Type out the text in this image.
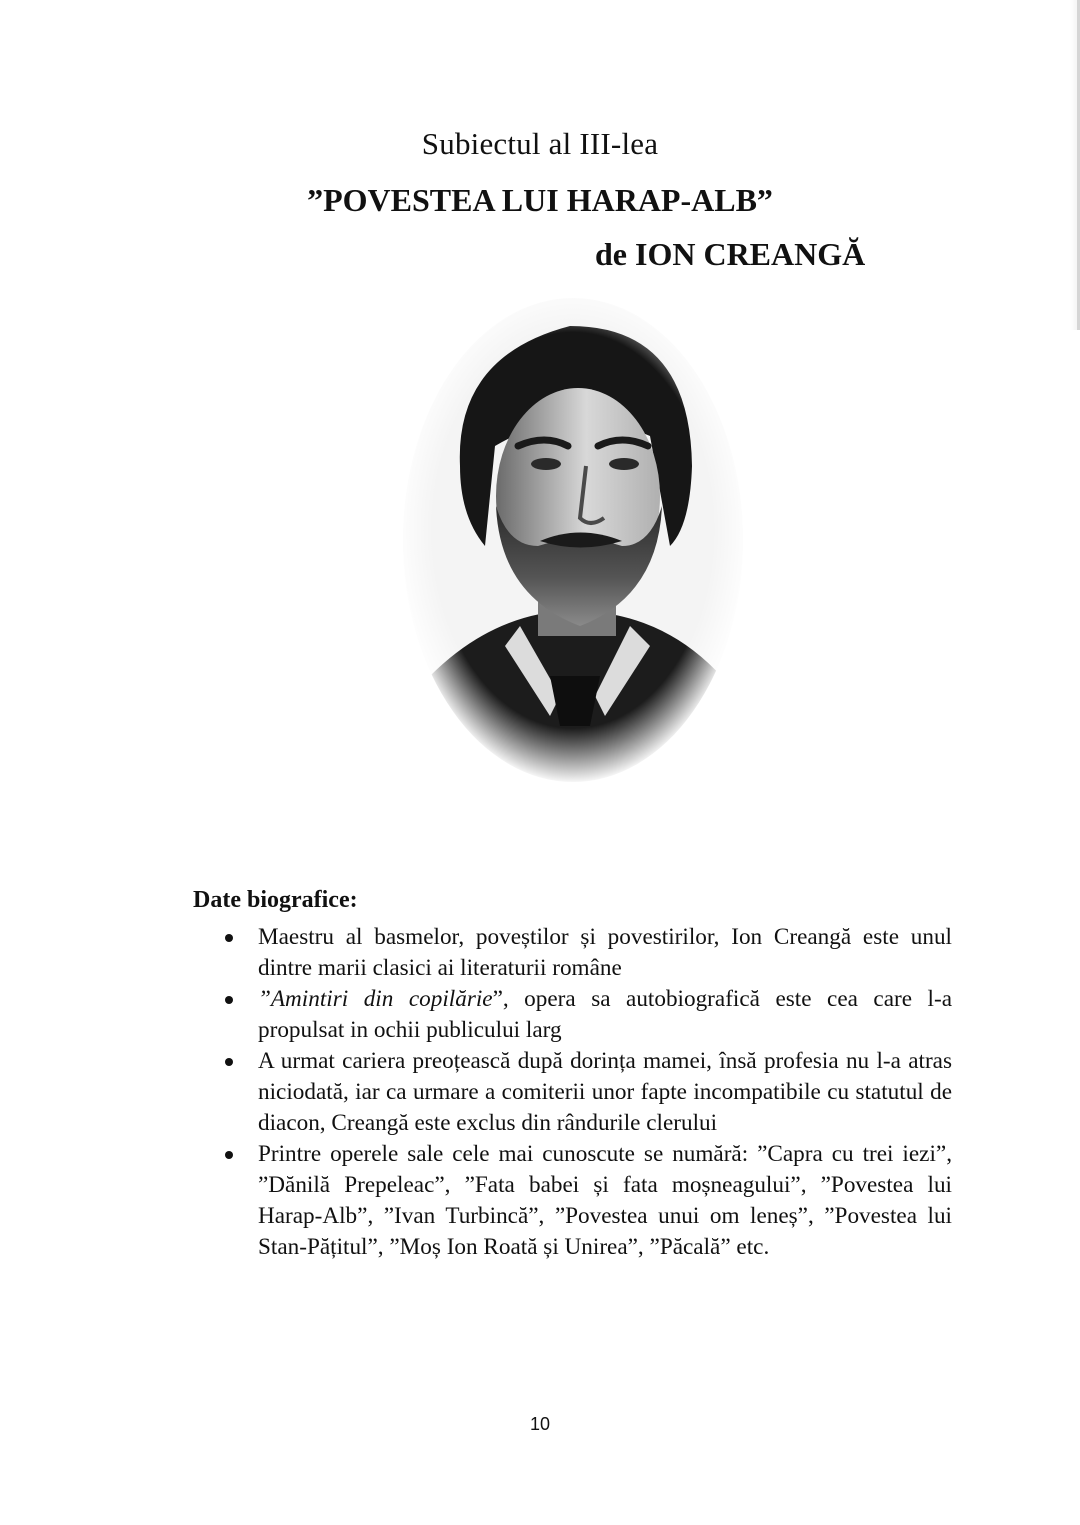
Subiectul al III-lea
”POVESTEA LUI HARAP-ALB”
de ION CREANGĂ
Date biografice:
Maestru al basmelor, poveștilor și povestirilor, Ion Creangă este unul dintre marii clasici ai literaturii române
”Amintiri din copilărie”, opera sa autobiografică este cea care l-a propulsat in ochii publicului larg
A urmat cariera preoțească după dorința mamei, însă profesia nu l-a atras niciodată, iar ca urmare a comiterii unor fapte incompatibile cu statutul de diacon, Creangă este exclus din rândurile clerului
Printre operele sale cele mai cunoscute se numără: ”Capra cu trei iezi”, ”Dănilă Prepeleac”, ”Fata babei și fata moșneagului”, ”Povestea lui Harap-Alb”, ”Ivan Turbincă”, ”Povestea unui om leneș”, ”Povestea lui Stan-Pățitul”, ”Moș Ion Roată și Unirea”, ”Păcală” etc.
10
